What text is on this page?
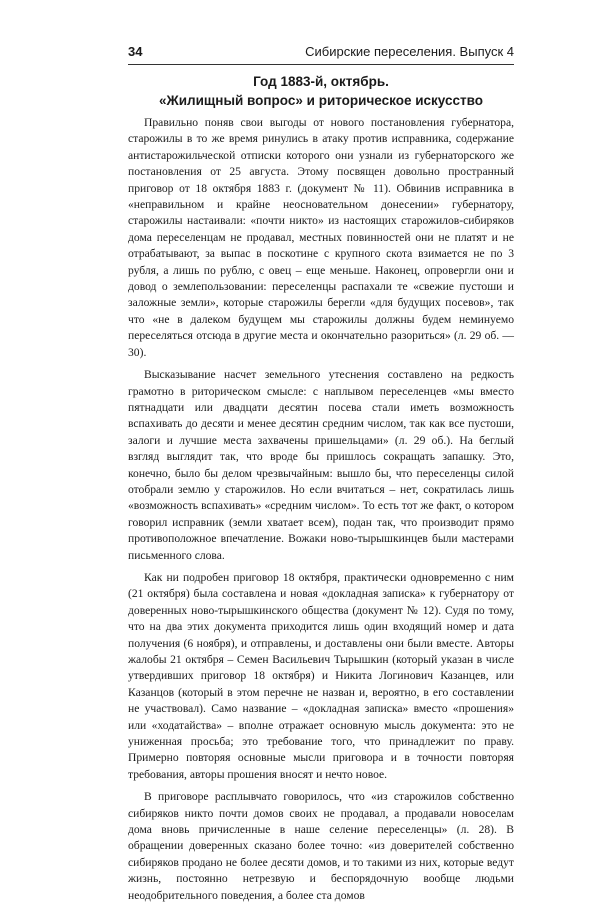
34	Сибирские переселения. Выпуск 4
Год 1883-й, октябрь.
«Жилищный вопрос» и риторическое искусство

Правильно поняв свои выгоды от нового постановления губернатора, старожилы в то же время ринулись в атаку против исправника, содержание антистарожильческой отписки которого они узнали из губернаторского же постановления от 25 августа. Этому посвящен довольно пространный приговор от 18 октября 1883 г. (документ № 11). Обвинив исправника в «неправильном и крайне неосновательном донесении» губернатору, старожилы настаивали: «почти никто» из настоящих старожилов-сибиряков дома переселенцам не продавал, местных повинностей они не платят и не отрабатывают, за выпас в поскотине с крупного скота взимается не по 3 рубля, а лишь по рублю, с овец – еще меньше. Наконец, опровергли они и довод о землепользовании: переселенцы распахали те «свежие пустоши и заложные земли», которые старожилы берегли «для будущих посевов», так что «не в далеком будущем мы старожилы должны будем неминуемо переселяться отсюда в другие места и окончательно разориться» (л. 29 об. — 30).

Высказывание насчет земельного утеснения составлено на редкость грамотно в риторическом смысле: с наплывом переселенцев «мы вместо пятнадцати или двадцати десятин посева стали иметь возможность вспахивать до десяти и менее десятин средним числом, так как все пустоши, залоги и лучшие места захвачены пришельцами» (л. 29 об.). На беглый взгляд выглядит так, что вроде бы пришлось сокращать запашку. Это, конечно, было бы делом чрезвычайным: вышло бы, что переселенцы силой отобрали землю у старожилов. Но если вчитаться – нет, сократилась лишь «возможность вспахивать» «средним числом». То есть тот же факт, о котором говорил исправник (земли хватает всем), подан так, что производит прямо противоположное впечатление. Вожаки ново-тырышкинцев были мастерами письменного слова.

Как ни подробен приговор 18 октября, практически одновременно с ним (21 октября) была составлена и новая «докладная записка» к губернатору от доверенных ново-тырышкинского общества (документ № 12). Судя по тому, что на два этих документа приходится лишь один входящий номер и дата получения (6 ноября), и отправлены, и доставлены они были вместе. Авторы жалобы 21 октября – Семен Васильевич Тырышкин (который указан в числе утвердивших приговор 18 октября) и Никита Логинович Казанцев, или Казанцов (который в этом перечне не назван и, вероятно, в его составлении не участвовал). Само название – «докладная записка» вместо «прошения» или «ходатайства» – вполне отражает основную мысль документа: это не униженная просьба; это требование того, что принадлежит по праву. Примерно повторяя основные мысли приговора и в точности повторяя требования, авторы прошения вносят и нечто новое.

В приговоре расплывчато говорилось, что «из старожилов собственно сибиряков никто почти домов своих не продавал, а продавали новоселам дома вновь причисленные в наше селение переселенцы» (л. 28). В обращении доверенных сказано более точно: «из доверителей собственно сибиряков продано не более десяти домов, и то такими из них, которые ведут жизнь, постоянно нетрезвую и беспорядочную вообще людьми неодобрительного поведения, а более ста домов
